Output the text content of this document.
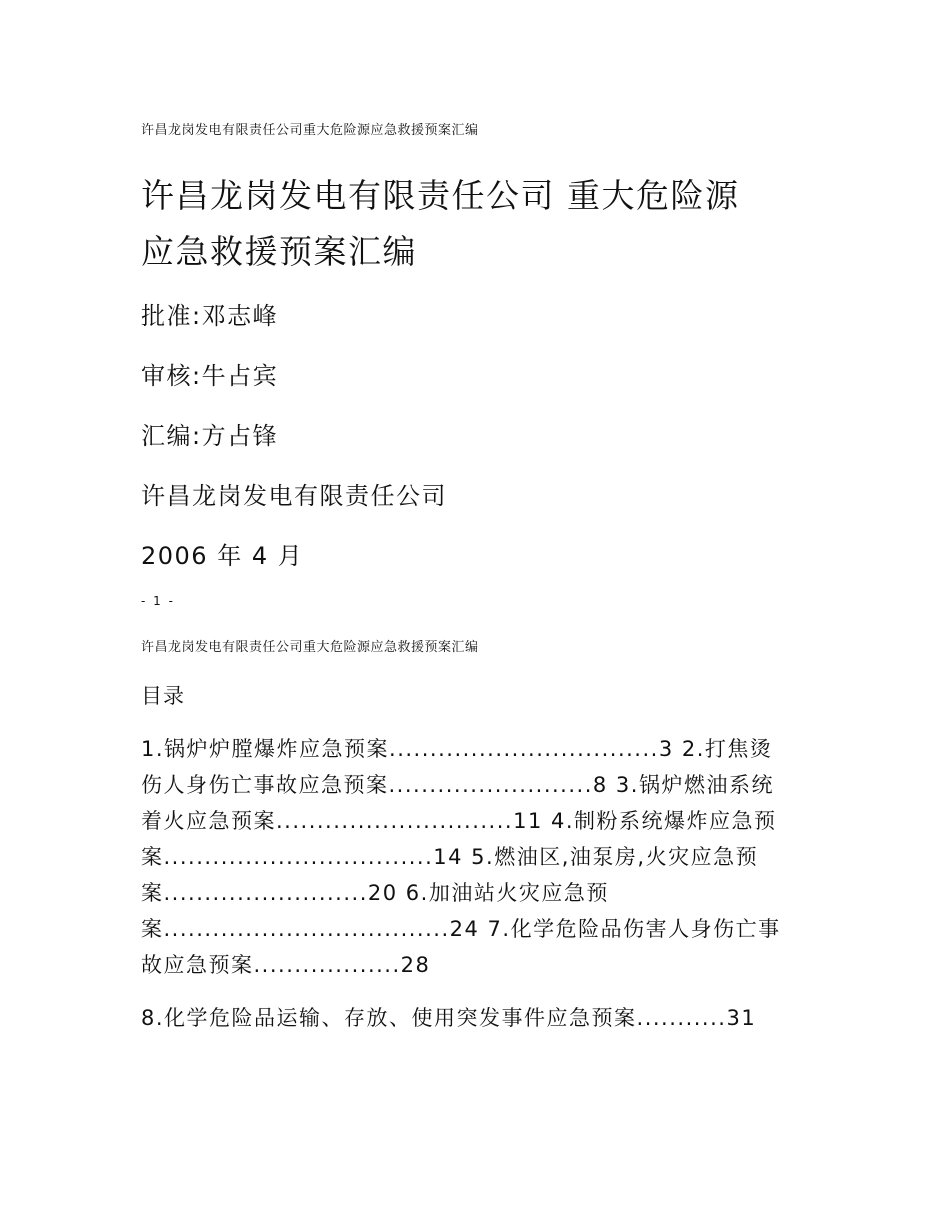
许昌龙岗发电有限责任公司重大危险源应急救援预案汇编
许昌龙岗发电有限责任公司 重大危险源
应急救援预案汇编
批准:邓志峰
审核:牛占宾
汇编:方占锋
许昌龙岗发电有限责任公司
2006 年 4 月
- 1 -
许昌龙岗发电有限责任公司重大危险源应急救援预案汇编
目录
1.锅炉炉膛爆炸应急预案.................................3 2.打焦烫
伤人身伤亡事故应急预案.........................8 3.锅炉燃油系统
着火应急预案.............................11 4.制粉系统爆炸应急预
案.................................14 5.燃油区,油泵房,火灾应急预
案.........................20 6.加油站火灾应急预
案...................................24 7.化学危险品伤害人身伤亡事
故应急预案..................28
8.化学危险品运输、存放、使用突发事件应急预案...........31
